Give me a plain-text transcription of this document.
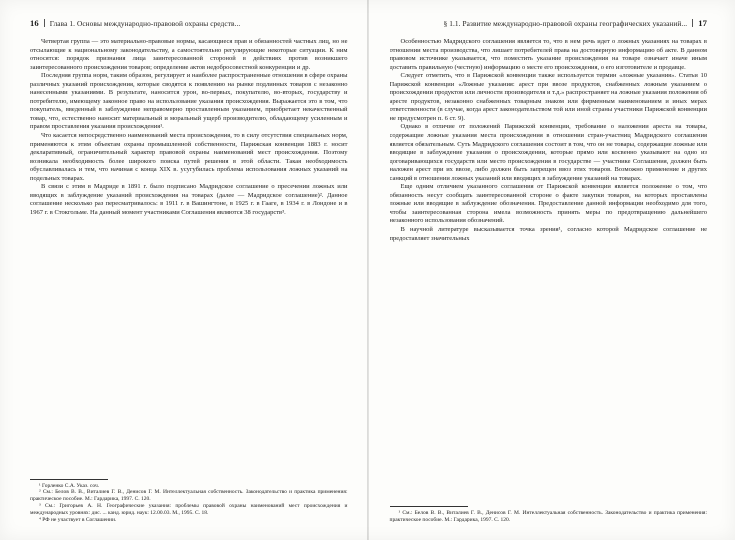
16 Глава 1. Основы международно-правовой охраны средств...

Четвертая группа — это материально-правовые нормы, касающиеся прав и обязанностей частных лиц, но не отсылающие к национальному законодательству, а самостоятельно регулирующие некоторые ситуации. К ним относятся: порядок признания лица заинтересованной стороной в действиях против возникшего заинтересованного происхождения товаров; определение актов недобросовестной конкуренции и др.

Последняя группа норм, таким образом, регулирует и наиболее распространенные отношения в сфере охраны различных указаний происхождения, которые сводятся к появлению на рынке подлинных товаров с незаконно нанесенными указаниями. В результате, наносится урон, во-первых, покупателю, во-вторых, государству и потребителю, имеющему законное право на использование указания происхождения. Выражается это в том, что покупатель, введенный в заблуждение неправомерно проставленным указанием, приобретает некачественный товар, что, естественно наносит материальный и моральный ущерб производителю, обладающему усиленным и правом проставления указания происхождения¹.

Что касается непосредственно наименований места происхождения, то в силу отсутствия специальных норм, применяются к этим объектам охраны промышленной собственности, Парижская конвенция 1883 г. носит декларативный, ограничительный характер правовой охраны наименований мест происхождения. Поэтому возникала необходимость более широкого поиска путей решения в этой области. Такая необходимость обуславливалась и тем, что начиная с конца XIX в. усугубилась проблема использования ложных указаний на подельных товарах.

В связи с этим в Мадриде в 1891 г. было подписано Мадридское соглашение о пресечении ложных или вводящих в заблуждение указаний происхождения на товарах (далее — Мадридское соглашение)². Данное соглашение несколько раз пересматривалось: в 1911 г. в Вашингтоне, в 1925 г. в Гааге, в 1934 г. в Лондоне и в 1967 г. в Стокгольме. На данный момент участниками Соглашения являются 38 государств³.

¹ Горленко С.А. Указ. соч.

² См.: Белов В. В., Виталиев Г. В., Денисов Г. М. Интеллектуальная собственность. Законодательство и практика применения: практическое пособие. М.: Гардарика, 1997. С. 120.

³ См.: Григорьев А. Н. Географические указания: проблемы правовой охраны наименований мест происхождения и международных уровнях: дис. ... канд. юрид. наук: 12.00.03. М., 1995. С. 18.

⁴ РФ не участвует в Соглашении.

§ 1.1. Развитие международно-правовой охраны географических указаний... 17

Особенностью Мадридского соглашения является то, что в нем речь идет о ложных указаниях на товарах в отношении места производства, что лишает потребителей права на достоверную информацию об акте. В данном правовом источнике указывается, что поместить указание происхождения на товаре означает иначе иным доставить правильную (честную) информацию о месте его происхождения, о его изготовителе и продавце.

Следует отметить, что в Парижской конвенции также используется термин «ложные указания». Статьи 10 Парижской конвенции «Ложные указания: арест при ввозе продуктов, снабженных ложным указанием о происхождении продуктов или личности производителя и т.д.» распространяет на ложные указания положения об аресте продуктов, незаконно снабженных товарным знаком или фирменным наименованием и иных мерах ответственности (в случае, когда арест законодательством той или иной страны участники Парижской конвенции не предусмотрен п. 6 ст. 9).

Однако в отличие от положений Парижской конвенции, требование о наложении ареста на товары, содержащие ложные указания места происхождения в отношении стран-участниц Мадридского соглашения является обязательным. Суть Мадридского соглашения состоит в том, что он не товары, содержащие ложные или вводящие в заблуждение указания о происхождении, которые прямо или косвенно указывают на одно из договаривающихся государств или место происхождения в государстве — участнике Соглашения, должен быть наложен арест при их ввозе, либо должен быть запрещен ввоз этих товаров. Возможно применение и других санкций в отношении ложных указаний или вводящих в заблуждение указаний на товарах.

Еще одним отличием указанного соглашения от Парижской конвенции является положение о том, что обязанность несут сообщать заинтересованной стороне о факте закупки товаров, на которых проставлены ложные или вводящие в заблуждение обозначения. Предоставление данной информации необходимо для того, чтобы заинтересованная сторона имела возможность принять меры по предотвращению дальнейшего незаконного использования обозначений.

В научной литературе высказывается точка зрения¹, согласно которой Мадридское соглашение не предоставляет значительных

¹ См.: Белов В. В., Виталиев Г. В., Денисов Г. М. Интеллектуальная собственность. Законодательство и практика применения: практическое пособие. М.: Гардарика, 1997. С. 120.
